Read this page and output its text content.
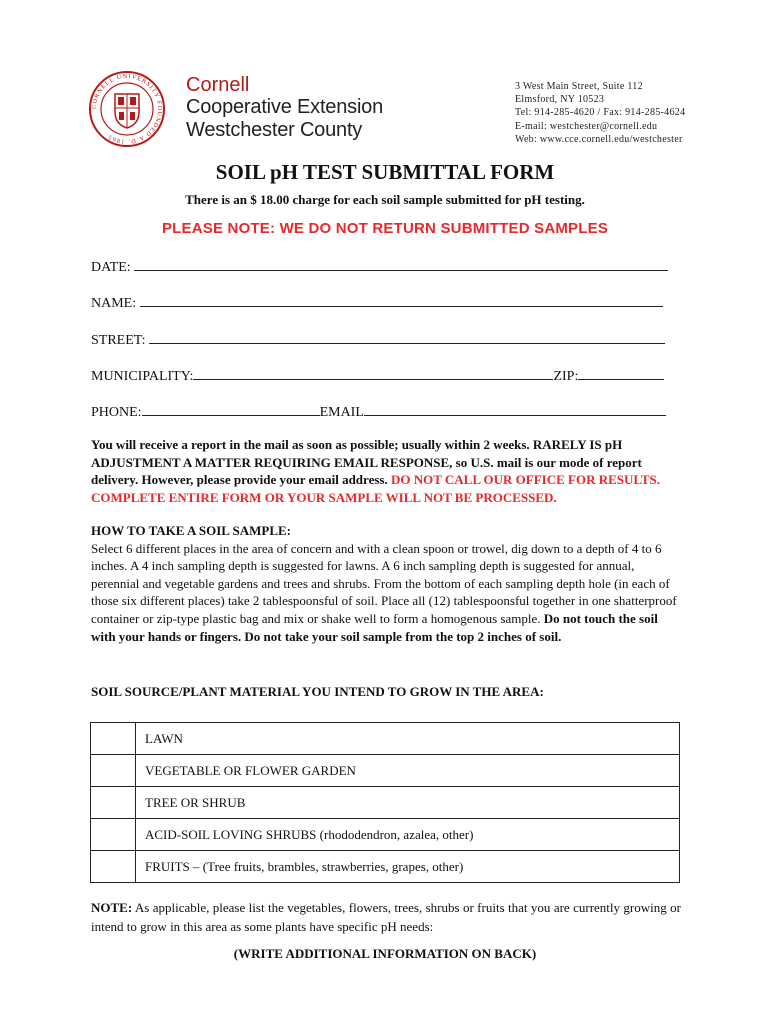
CORNELL UNIVERSITY FOUNDED A.D. 1865
Cornell
Cooperative Extension
Westchester County
3 West Main Street, Suite 112
Elmsford, NY 10523
Tel: 914-285-4620 / Fax: 914-285-4624
E-mail: westchester@cornell.edu
Web: www.cce.cornell.edu/westchester
SOIL pH TEST SUBMITTAL FORM
There is an $ 18.00 charge for each soil sample submitted for pH testing.
PLEASE NOTE: WE DO NOT RETURN SUBMITTED SAMPLES
DATE:
NAME:
STREET:
MUNICIPALITY:	ZIP:
PHONE:	EMAIL
You will receive a report in the mail as soon as possible; usually within 2 weeks. RARELY IS pH ADJUSTMENT A MATTER REQUIRING EMAIL RESPONSE, so U.S. mail is our mode of report delivery. However, please provide your email address. DO NOT CALL OUR OFFICE FOR RESULTS. COMPLETE ENTIRE FORM OR YOUR SAMPLE WILL NOT BE PROCESSED.
HOW TO TAKE A SOIL SAMPLE:
Select 6 different places in the area of concern and with a clean spoon or trowel, dig down to a depth of 4 to 6 inches. A 4 inch sampling depth is suggested for lawns. A 6 inch sampling depth is suggested for annual, perennial and vegetable gardens and trees and shrubs. From the bottom of each sampling depth hole (in each of those six different places) take 2 tablespoonsful of soil. Place all (12) tablespoonsful together in one shatterproof container or zip-type plastic bag and mix or shake well to form a homogenous sample. Do not touch the soil with your hands or fingers. Do not take your soil sample from the top 2 inches of soil.
SOIL SOURCE/PLANT MATERIAL YOU INTEND TO GROW IN THE AREA:
	LAWN
	VEGETABLE OR FLOWER GARDEN
	TREE OR SHRUB
	ACID-SOIL LOVING SHRUBS (rhododendron, azalea, other)
	FRUITS – (Tree fruits, brambles, strawberries, grapes, other)
NOTE: As applicable, please list the vegetables, flowers, trees, shrubs or fruits that you are currently growing or intend to grow in this area as some plants have specific pH needs:
(WRITE ADDITIONAL INFORMATION ON BACK)
